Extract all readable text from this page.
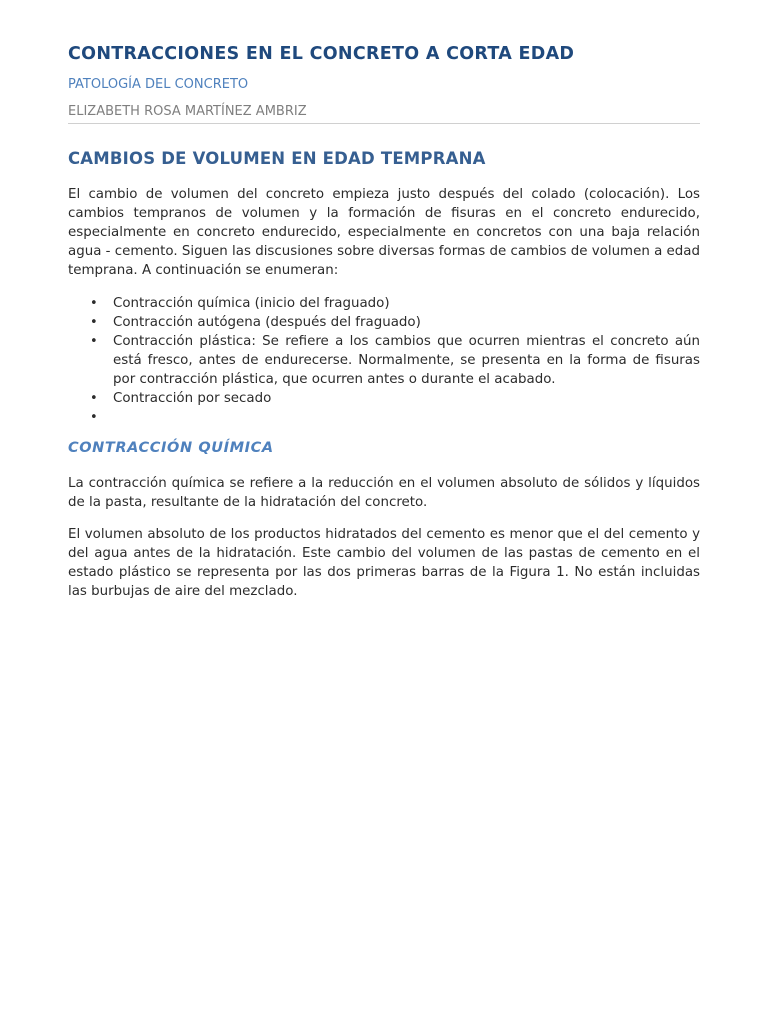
CONTRACCIONES EN EL CONCRETO A CORTA EDAD

PATOLOGÍA DEL CONCRETO

ELIZABETH ROSA MARTÍNEZ AMBRIZ

CAMBIOS DE VOLUMEN EN EDAD TEMPRANA

El cambio de volumen del concreto empieza justo después del colado (colocación). Los cambios tempranos de volumen y la formación de fisuras en el concreto endurecido, especialmente en concreto endurecido, especialmente en concretos con una baja relación agua - cemento. Siguen las discusiones sobre diversas formas de cambios de volumen a edad temprana. A continuación se enumeran:

• Contracción química (inicio del fraguado)
• Contracción autógena (después del fraguado)
• Contracción plástica: Se refiere a los cambios que ocurren mientras el concreto aún está fresco, antes de endurecerse. Normalmente, se presenta en la forma de fisuras por contracción plástica, que ocurren antes o durante el acabado.
• Contracción por secado
•
CONTRACCIÓN QUÍMICA

La contracción química se refiere a la reducción en el volumen absoluto de sólidos y líquidos de la pasta, resultante de la hidratación del concreto.

El volumen absoluto de los productos hidratados del cemento es menor que el del cemento y del agua antes de la hidratación. Este cambio del volumen de las pastas de cemento en el estado plástico se representa por las dos primeras barras de la Figura 1. No están incluidas las burbujas de aire del mezclado.
